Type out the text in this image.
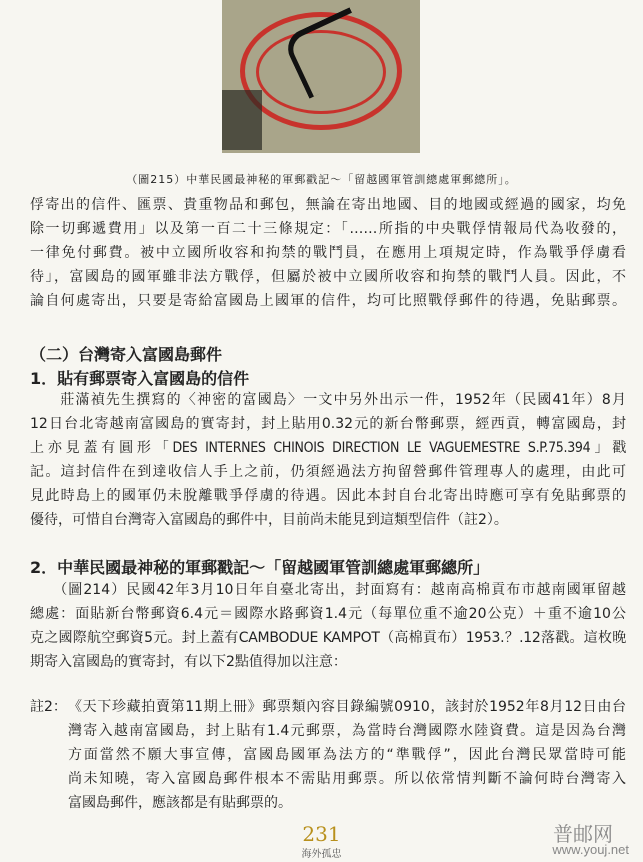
（圖215）中華民國最神秘的軍郵戳記～「留越國軍管訓總處軍郵總所」。
俘寄出的信件、匯票、貴重物品和郵包，無論在寄出地國、目的地國或經過的國家，均免
除一切郵遞費用」以及第一百二十三條規定：「……所指的中央戰俘情報局代為收發的，
一律免付郵費。被中立國所收容和拘禁的戰鬥員，在應用上項規定時，作為戰爭俘虜看
待」，富國島的國軍雖非法方戰俘，但屬於被中立國所收容和拘禁的戰鬥人員。因此，不
論自何處寄出，只要是寄給富國島上國軍的信件，均可比照戰俘郵件的待遇，免貼郵票。
（二）台灣寄入富國島郵件
1．貼有郵票寄入富國島的信件
　　莊滿禎先生撰寫的〈神密的富國島〉一文中另外出示一件，1952年（民國41年）8月
12日台北寄越南富國島的實寄封，封上貼用0.32元的新台幣郵票，經西貢，轉富國島，封
上亦見蓋有圓形「DES INTERNES CHINOIS DIRECTION LE VAGUEMESTRE S.P.75.394」戳
記。這封信件在到達收信人手上之前，仍須經過法方拘留營郵件管理專人的處理，由此可
見此時島上的國軍仍未脫離戰爭俘虜的待遇。因此本封自台北寄出時應可享有免貼郵票的
優待，可惜自台灣寄入富國島的郵件中，目前尚未能見到這類型信件（註2）。
2．中華民國最神秘的軍郵戳記～「留越國軍管訓總處軍郵總所」
　　（圖214）民國42年3月10日年自臺北寄出，封面寫有：越南高棉貢布市越南國軍留越
總處：面貼新台幣郵資6.4元＝國際水路郵資1.4元（每單位重不逾20公克）＋重不逾10公
克之國際航空郵資5元。封上蓋有CAMBODUE KAMPOT（高棉貢布）1953.？.12落戳。這枚晚
期寄入富國島的實寄封，有以下2點值得加以注意：
註2： 《天下珍藏拍賣第11期上冊》郵票類內容目錄編號0910，該封於1952年8月12日由台
灣寄入越南富國島，封上貼有1.4元郵票，為當時台灣國際水陸資費。這是因為台灣
方面當然不願大事宣傳，富國島國軍為法方的“準戰俘”，因此台灣民眾當時可能
尚未知曉，寄入富國島郵件根本不需貼用郵票。所以依常情判斷不論何時台灣寄入
富國島郵件，應該都是有貼郵票的。
231
海外孤忠
普邮网
www.youj.net
